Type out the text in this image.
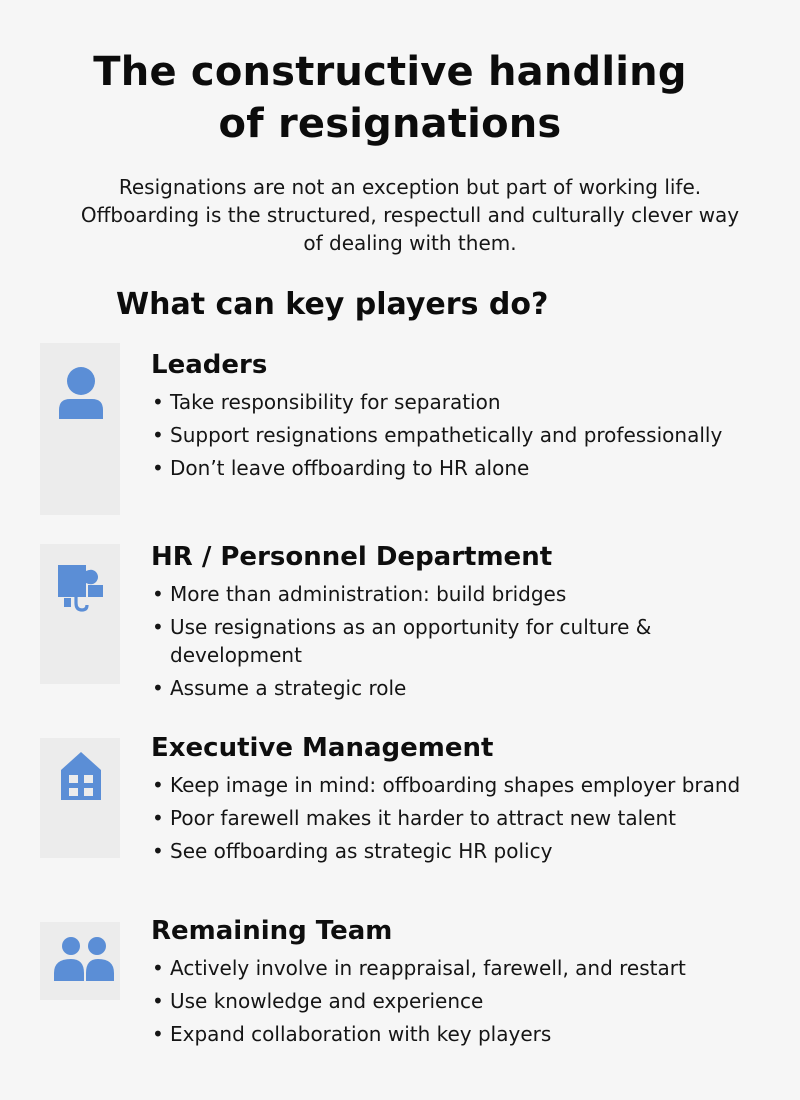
The constructive handling
of resignations
Resignations are not an exception but part of working life. Offboarding is the structured, respectull and culturally clever way of dealing with them.
What can key players do?
Leaders
• Take responsibility for separation
• Support resignations empathetically and professionally
• Don’t leave offboarding to HR alone
HR / Personnel Department
• More than administration: build bridges
• Use resignations as an opportunity for culture & development
• Assume a strategic role
Executive Management
• Keep image in mind: offboarding shapes employer brand
• Poor farewell makes it harder to attract new talent
• See offboarding as strategic HR policy
Remaining Team
• Actively involve in reappraisal, farewell, and restart
• Use knowledge and experience
• Expand collaboration with key players
